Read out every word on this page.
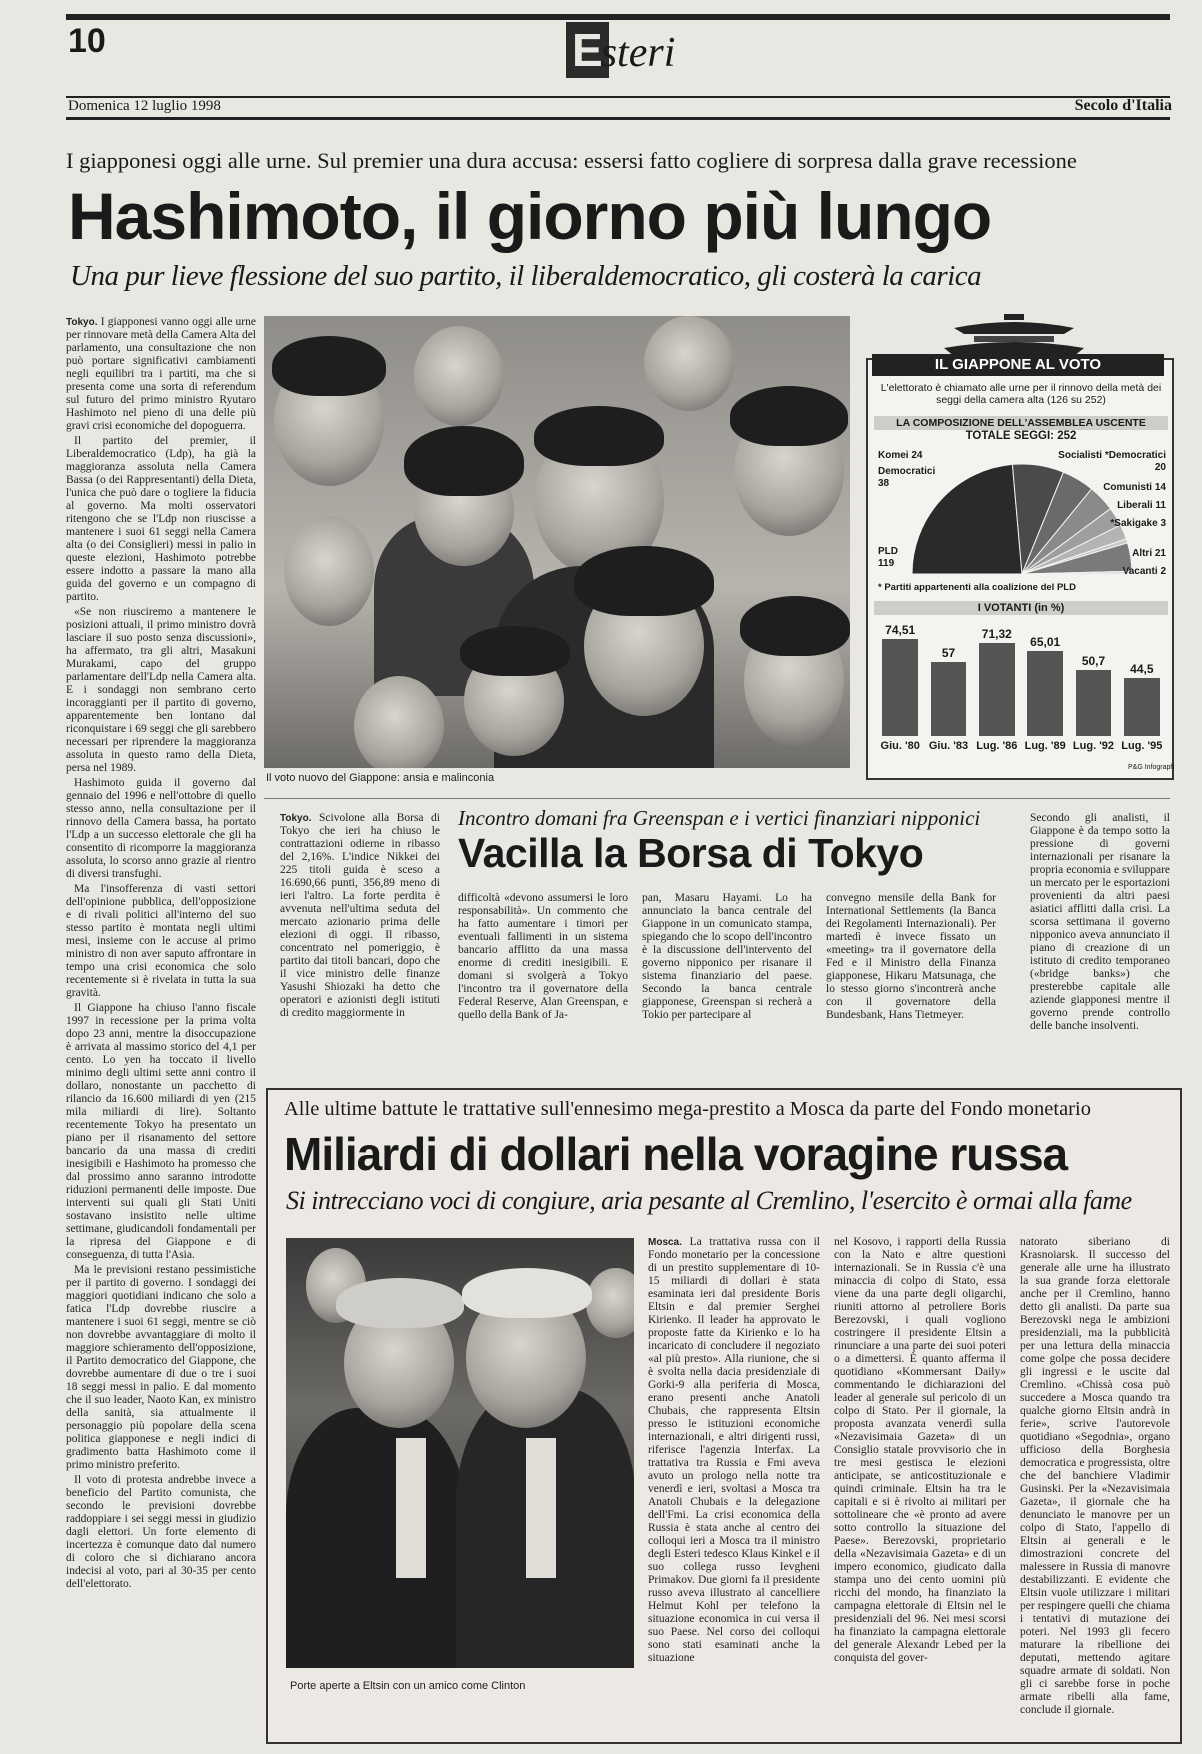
10	Esteri
Domenica 12 luglio 1998	Secolo d'Italia
I giapponesi oggi alle urne. Sul premier una dura accusa: essersi fatto cogliere di sorpresa dalla grave recessione
Hashimoto, il giorno più lungo
Una pur lieve flessione del suo partito, il liberaldemocratico, gli costerà la carica

Tokyo. I giapponesi vanno oggi alle urne per rinnovare metà della Camera Alta del parlamento, una consultazione che non può portare significativi cambiamenti negli equilibri tra i partiti, ma che si presenta come una sorta di referendum sul futuro del primo ministro Ryutaro Hashimoto nel pieno di una delle più gravi crisi economiche del dopoguerra.

Il partito del premier, il Liberaldemocratico (Ldp), ha già la maggioranza assoluta nella Camera Bassa (o dei Rappresentanti) della Dieta, l'unica che può dare o togliere la fiducia al governo. Ma molti osservatori ritengono che se l'Ldp non riuscisse a mantenere i suoi 61 seggi nella Camera alta (o dei Consiglieri) messi in palio in queste elezioni, Hashimoto potrebbe essere indotto a passare la mano alla guida del governo e un compagno di partito.

«Se non riusciremo a mantenere le posizioni attuali, il primo ministro dovrà lasciare il suo posto senza discussioni», ha affermato, tra gli altri, Masakuni Murakami, capo del gruppo parlamentare dell'Ldp nella Camera alta. E i sondaggi non sembrano certo incoraggianti per il partito di governo, apparentemente ben lontano dal riconquistare i 69 seggi che gli sarebbero necessari per riprendere la maggioranza assoluta in questo ramo della Dieta, persa nel 1989.

Hashimoto guida il governo dal gennaio del 1996 e nell'ottobre di quello stesso anno, nella consultazione per il rinnovo della Camera bassa, ha portato l'Ldp a un successo elettorale che gli ha consentito di ricomporre la maggioranza assoluta, lo scorso anno grazie al rientro di diversi transfughi.

Ma l'insofferenza di vasti settori dell'opinione pubblica, dell'opposizione e di rivali politici all'interno del suo stesso partito è montata negli ultimi mesi, insieme con le accuse al primo ministro di non aver saputo affrontare in tempo una crisi economica che solo recentemente si è rivelata in tutta la sua gravità.

Il Giappone ha chiuso l'anno fiscale 1997 in recessione per la prima volta dopo 23 anni, mentre la disoccupazione è arrivata al massimo storico del 4,1 per cento. Lo yen ha toccato il livello minimo degli ultimi sette anni contro il dollaro, nonostante un pacchetto di rilancio da 16.600 miliardi di yen (215 mila miliardi di lire). Soltanto recentemente Tokyo ha presentato un piano per il risanamento del settore bancario da una massa di crediti inesigibili e Hashimoto ha promesso che dal prossimo anno saranno introdotte riduzioni permanenti delle imposte. Due interventi sui quali gli Stati Uniti sostavano insistito nelle ultime settimane, giudicandoli fondamentali per la ripresa del Giappone e di conseguenza, di tutta l'Asia.

Ma le previsioni restano pessimistiche per il partito di governo. I sondaggi dei maggiori quotidiani indicano che solo a fatica l'Ldp dovrebbe riuscire a mantenere i suoi 61 seggi, mentre se ciò non dovrebbe avvantaggiare di molto il maggiore schieramento dell'opposizione, il Partito democratico del Giappone, che dovrebbe aumentare di due o tre i suoi 18 seggi messi in palio. E dal momento che il suo leader, Naoto Kan, ex ministro della sanità, sia attualmente il personaggio più popolare della scena politica giapponese e negli indici di gradimento batta Hashimoto come il primo ministro preferito.

Il voto di protesta andrebbe invece a beneficio del Partito comunista, che secondo le previsioni dovrebbe raddoppiare i sei seggi messi in giudizio dagli elettori. Un forte elemento di incertezza è comunque dato dal numero di coloro che si dichiarano ancora indecisi al voto, pari al 30-35 per cento dell'elettorato.

Il voto nuovo del Giappone: ansia e malinconia
IL GIAPPONE AL VOTO
L'elettorato è chiamato alle urne per il rinnovo della metà dei seggi della camera alta (126 su 252)
LA COMPOSIZIONE DELL'ASSEMBLEA USCENTE
TOTALE SEGGI: 252
Komei 24
Democratici
38
PLD
119
Socialisti *Democratici 20
Comunisti 14
Liberali 11
*Sakigake 3
Altri 21
Vacanti 2
* Partiti appartenenti alla coalizione del PLD
I VOTANTI (in %)
74,51
Giu. '80
57
Giu. '83
71,32
Lug. '86
65,01
Lug. '89
50,7
Lug. '92
44,5
Lug. '95
P&G Infograph

Tokyo. Scivolone alla Borsa di Tokyo che ieri ha chiuso le contrattazioni odierne in ribasso del 2,16%. L'indice Nikkei dei 225 titoli guida è sceso a 16.690,66 punti, 356,89 meno di ieri l'altro. La forte perdita è avvenuta nell'ultima seduta del mercato azionario prima delle elezioni di oggi. Il ribasso, concentrato nel pomeriggio, è partito dai titoli bancari, dopo che il vice ministro delle finanze Yasushi Shiozaki ha detto che operatori e azionisti degli istituti di credito maggiormente in

Incontro domani fra Greenspan e i vertici finanziari nipponici
Vacilla la Borsa di Tokyo

difficoltà «devono assumersi le loro responsabilità». Un commento che ha fatto aumentare i timori per eventuali fallimenti in un sistema bancario afflitto da una massa enorme di crediti inesigibili. E domani si svolgerà a Tokyo l'incontro tra il governatore della Federal Reserve, Alan Greenspan, e quello della Bank of Ja-

pan, Masaru Hayami. Lo ha annunciato la banca centrale del Giappone in un comunicato stampa, spiegando che lo scopo dell'incontro è la discussione dell'intervento del governo nipponico per risanare il sistema finanziario del paese. Secondo la banca centrale giapponese, Greenspan si recherà a Tokio per partecipare al

convegno mensile della Bank for International Settlements (la Banca dei Regolamenti Internazionali). Per martedì è invece fissato un «meeting» tra il governatore della Fed e il Ministro della Finanza giapponese, Hikaru Matsunaga, che lo stesso giorno s'incontrerà anche con il governatore della Bundesbank, Hans Tietmeyer.

Secondo gli analisti, il Giappone è da tempo sotto la pressione di governi internazionali per risanare la propria economia e sviluppare un mercato per le esportazioni provenienti da altri paesi asiatici afflitti dalla crisi. La scorsa settimana il governo nipponico aveva annunciato il piano di creazione di un istituto di credito temporaneo («bridge banks») che presterebbe capitale alle aziende giapponesi mentre il governo prende controllo delle banche insolventi.

Alle ultime battute le trattative sull'ennesimo mega-prestito a Mosca da parte del Fondo monetario
Miliardi di dollari nella voragine russa
Si intrecciano voci di congiure, aria pesante al Cremlino, l'esercito è ormai alla fame
Porte aperte a Eltsin con un amico come Clinton

Mosca. La trattativa russa con il Fondo monetario per la concessione di un prestito supplementare di 10-15 miliardi di dollari è stata esaminata ieri dal presidente Boris Eltsin e dal premier Serghei Kirienko. Il leader ha approvato le proposte fatte da Kirienko e lo ha incaricato di concludere il negoziato «al più presto». Alla riunione, che si è svolta nella dacia presidenziale di Gorki-9 alla periferia di Mosca, erano presenti anche Anatoli Chubais, che rappresenta Eltsin presso le istituzioni economiche internazionali, e altri dirigenti russi, riferisce l'agenzia Interfax. La trattativa tra Russia e Fmi aveva avuto un prologo nella notte tra venerdì e ieri, svoltasi a Mosca tra Anatoli Chubais e la delegazione dell'Fmi. La crisi economica della Russia è stata anche al centro dei colloqui ieri a Mosca tra il ministro degli Esteri tedesco Klaus Kinkel e il suo collega russo Ievgheni Primakov. Due giorni fa il presidente russo aveva illustrato al cancelliere Helmut Kohl per telefono la situazione economica in cui versa il suo Paese. Nel corso dei colloqui sono stati esaminati anche la situazione

nel Kosovo, i rapporti della Russia con la Nato e altre questioni internazionali. Se in Russia c'è una minaccia di colpo di Stato, essa viene da una parte degli oligarchi, riuniti attorno al petroliere Boris Berezovski, i quali vogliono costringere il presidente Eltsin a rinunciare a una parte dei suoi poteri o a dimettersi. È quanto afferma il quotidiano «Kommersant Daily» commentando le dichiarazioni del leader al generale sul pericolo di un colpo di Stato. Per il giornale, la proposta avanzata venerdì sulla «Nezavisimaia Gazeta» di un Consiglio statale provvisorio che in tre mesi gestisca le elezioni anticipate, se anticostituzionale e quindi criminale. Eltsin ha tra le capitali e si è rivolto ai militari per sottolineare che «è pronto ad avere sotto controllo la situazione del Paese». Berezovski, proprietario della «Nezavisimaia Gazeta» e di un impero economico, giudicato dalla stampa uno dei cento uomini più ricchi del mondo, ha finanziato la campagna elettorale di Eltsin nel le presidenziali del 96. Nei mesi scorsi ha finanziato la campagna elettorale del generale Alexandr Lebed per la conquista del gover-

natorato siberiano di Krasnoiarsk. Il successo del generale alle urne ha illustrato la sua grande forza elettorale anche per il Cremlino, hanno detto gli analisti. Da parte sua Berezovski nega le ambizioni presidenziali, ma la pubblicità per una lettura della minaccia come golpe che possa decidere gli ingressi e le uscite dal Cremlino. «Chissà cosa può succedere a Mosca quando tra qualche giorno Eltsin andrà in ferie», scrive l'autorevole quotidiano «Segodnia», organo ufficioso della Borghesia democratica e progressista, oltre che del banchiere Vladimir Gusinski. Per la «Nezavisimaia Gazeta», il giornale che ha denunciato le manovre per un colpo di Stato, l'appello di Eltsin ai generali e le dimostrazioni concrete del malessere in Russia di manovre destabilizzanti. E evidente che Eltsin vuole utilizzare i militari per respingere quelli che chiama i tentativi di mutazione dei poteri. Nel 1993 gli fecero maturare la ribellione dei deputati, mettendo agitare squadre armate di soldati. Non gli ci sarebbe forse in poche armate ribelli alla fame, conclude il giornale.
